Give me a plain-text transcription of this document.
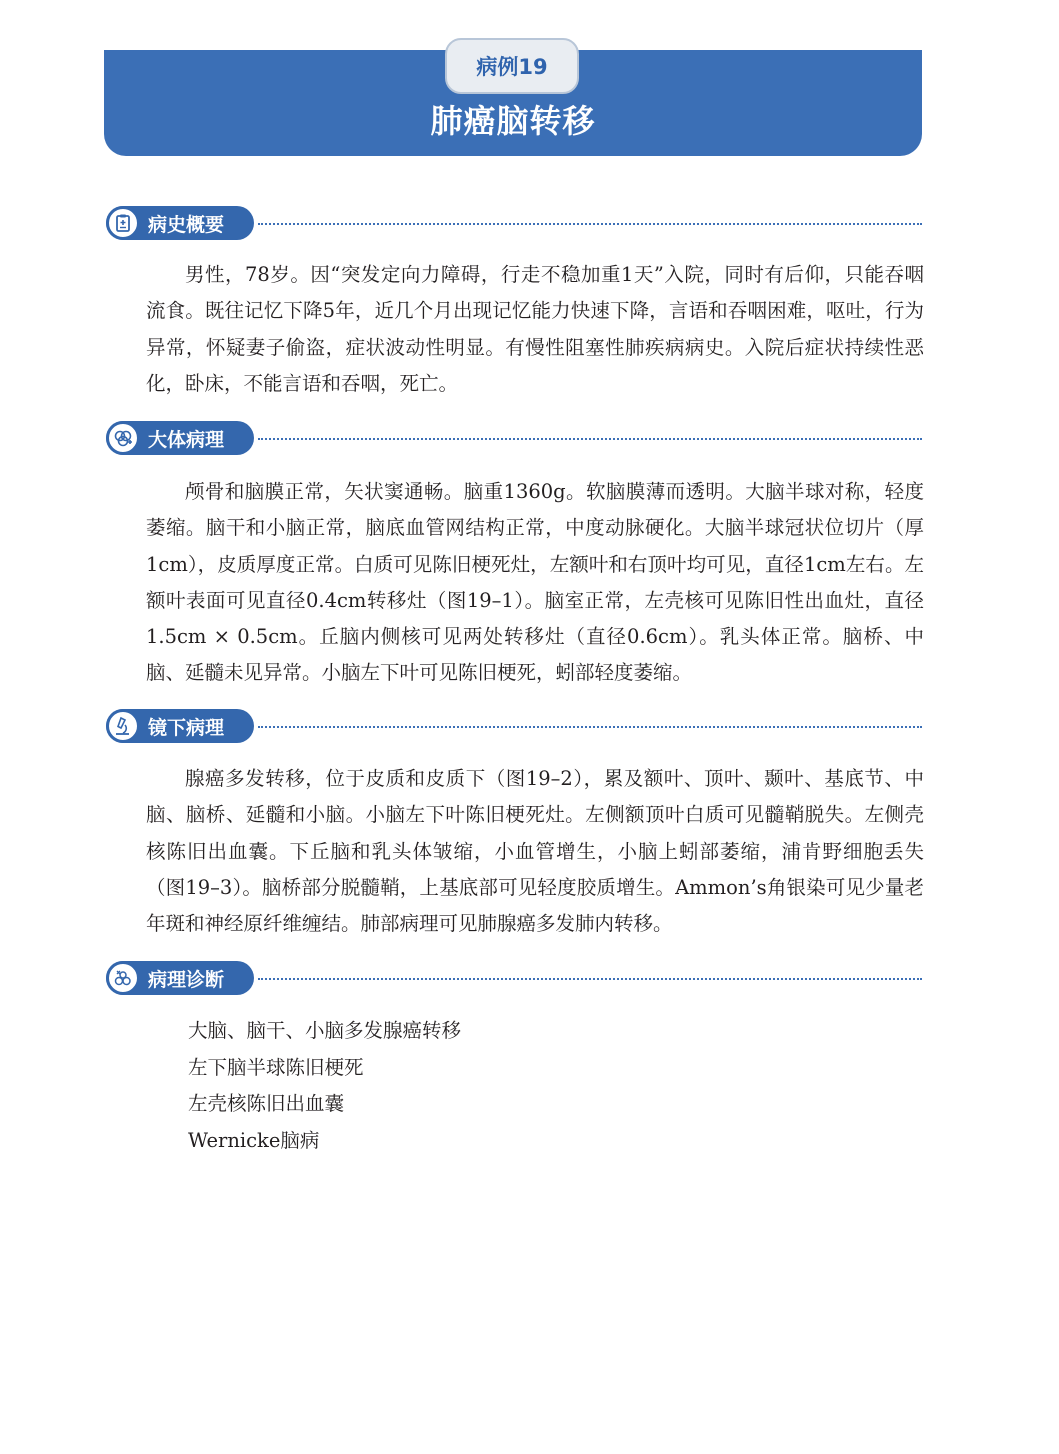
病例19
肺癌脑转移
病史概要

男性，78岁。因“突发定向力障碍，行走不稳加重1天”入院，同时有后仰，只能吞咽流食。既往记忆下降5年，近几个月出现记忆能力快速下降，言语和吞咽困难，呕吐，行为异常，怀疑妻子偷盗，症状波动性明显。有慢性阻塞性肺疾病病史。入院后症状持续性恶化，卧床，不能言语和吞咽，死亡。

大体病理

颅骨和脑膜正常，矢状窦通畅。脑重1360g。软脑膜薄而透明。大脑半球对称，轻度萎缩。脑干和小脑正常，脑底血管网结构正常，中度动脉硬化。大脑半球冠状位切片（厚1cm），皮质厚度正常。白质可见陈旧梗死灶，左额叶和右顶叶均可见，直径1cm左右。左额叶表面可见直径0.4cm转移灶（图19–1）。脑室正常，左壳核可见陈旧性出血灶，直径1.5cm × 0.5cm。丘脑内侧核可见两处转移灶（直径0.6cm）。乳头体正常。脑桥、中脑、延髓未见异常。小脑左下叶可见陈旧梗死，蚓部轻度萎缩。

镜下病理

腺癌多发转移，位于皮质和皮质下（图19–2），累及额叶、顶叶、颞叶、基底节、中脑、脑桥、延髓和小脑。小脑左下叶陈旧梗死灶。左侧额顶叶白质可见髓鞘脱失。左侧壳核陈旧出血囊。下丘脑和乳头体皱缩，小血管增生，小脑上蚓部萎缩，浦肯野细胞丢失（图19–3）。脑桥部分脱髓鞘，上基底部可见轻度胶质增生。Ammon’s角银染可见少量老年斑和神经原纤维缠结。肺部病理可见肺腺癌多发肺内转移。

病理诊断
大脑、脑干、小脑多发腺癌转移
左下脑半球陈旧梗死
左壳核陈旧出血囊
Wernicke脑病
